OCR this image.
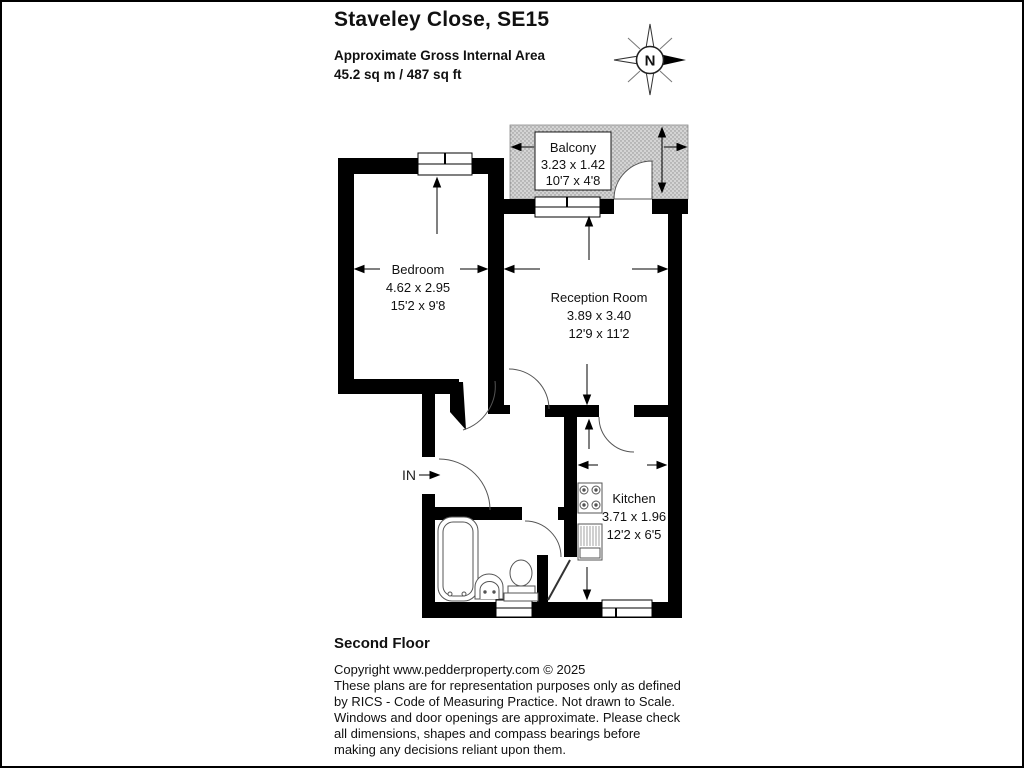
Staveley Close, SE15
Approximate Gross Internal Area
45.2 sq m / 487 sq ft
N
Balcony
3.23 x 1.42
10'7 x 4'8
Bedroom
4.62 x 2.95
15'2 x 9'8
Reception Room
3.89 x 3.40
12'9 x 11'2
Kitchen
3.71 x 1.96
12'2 x 6'5
IN
Second Floor
Copyright www.pedderproperty.com © 2025
These plans are for representation purposes only as defined
by RICS - Code of Measuring Practice. Not drawn to Scale.
Windows and door openings are approximate. Please check
all dimensions, shapes and compass bearings before
making any decisions reliant upon them.
